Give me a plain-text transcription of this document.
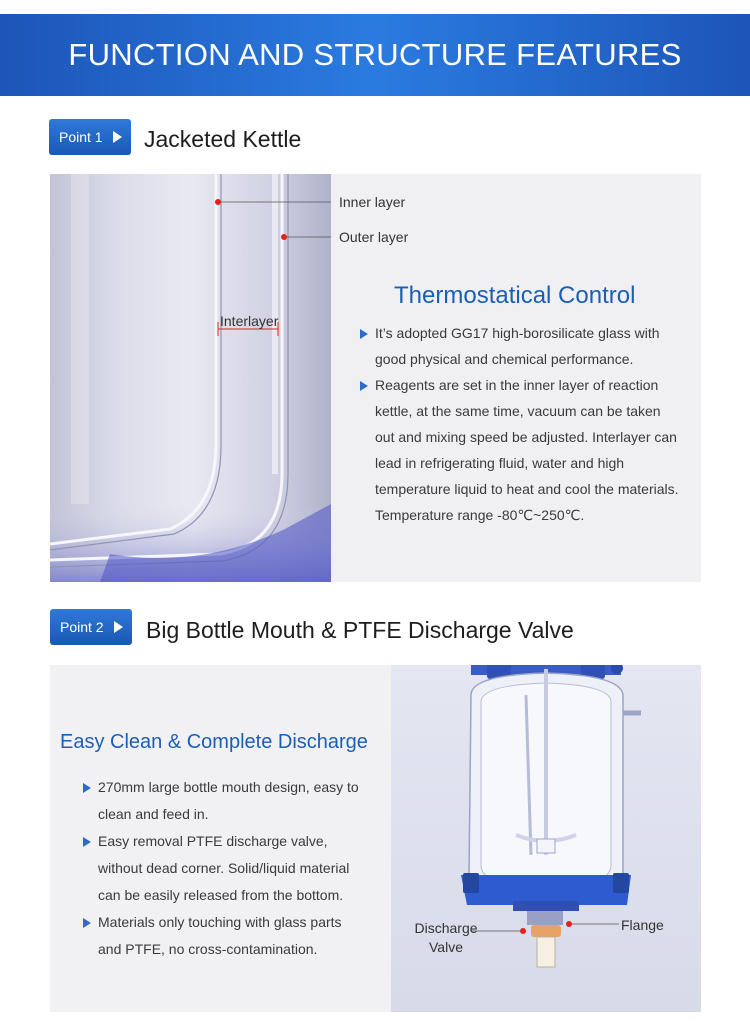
FUNCTION AND STRUCTURE FEATURES
Point 1 Jacketed Kettle
Interlayer
Inner layer
Outer layer
Thermostatical Control
It’s adopted GG17 high-borosilicate glass with good physical and chemical performance.
Reagents are set in the inner layer of reaction kettle, at the same time, vacuum can be taken out and mixing speed be adjusted. Interlayer can lead in refrigerating fluid, water and high temperature liquid to heat and cool the materials. Temperature range -80℃~250℃.
Point 2 Big Bottle Mouth & PTFE Discharge Valve
Easy Clean & Complete Discharge
270mm large bottle mouth design, easy to clean and feed in.
Easy removal PTFE discharge valve, without dead corner. Solid/liquid material can be easily released from the bottom.
Materials only touching with glass parts and PTFE, no cross-contamination.
Discharge
Valve
Flange
